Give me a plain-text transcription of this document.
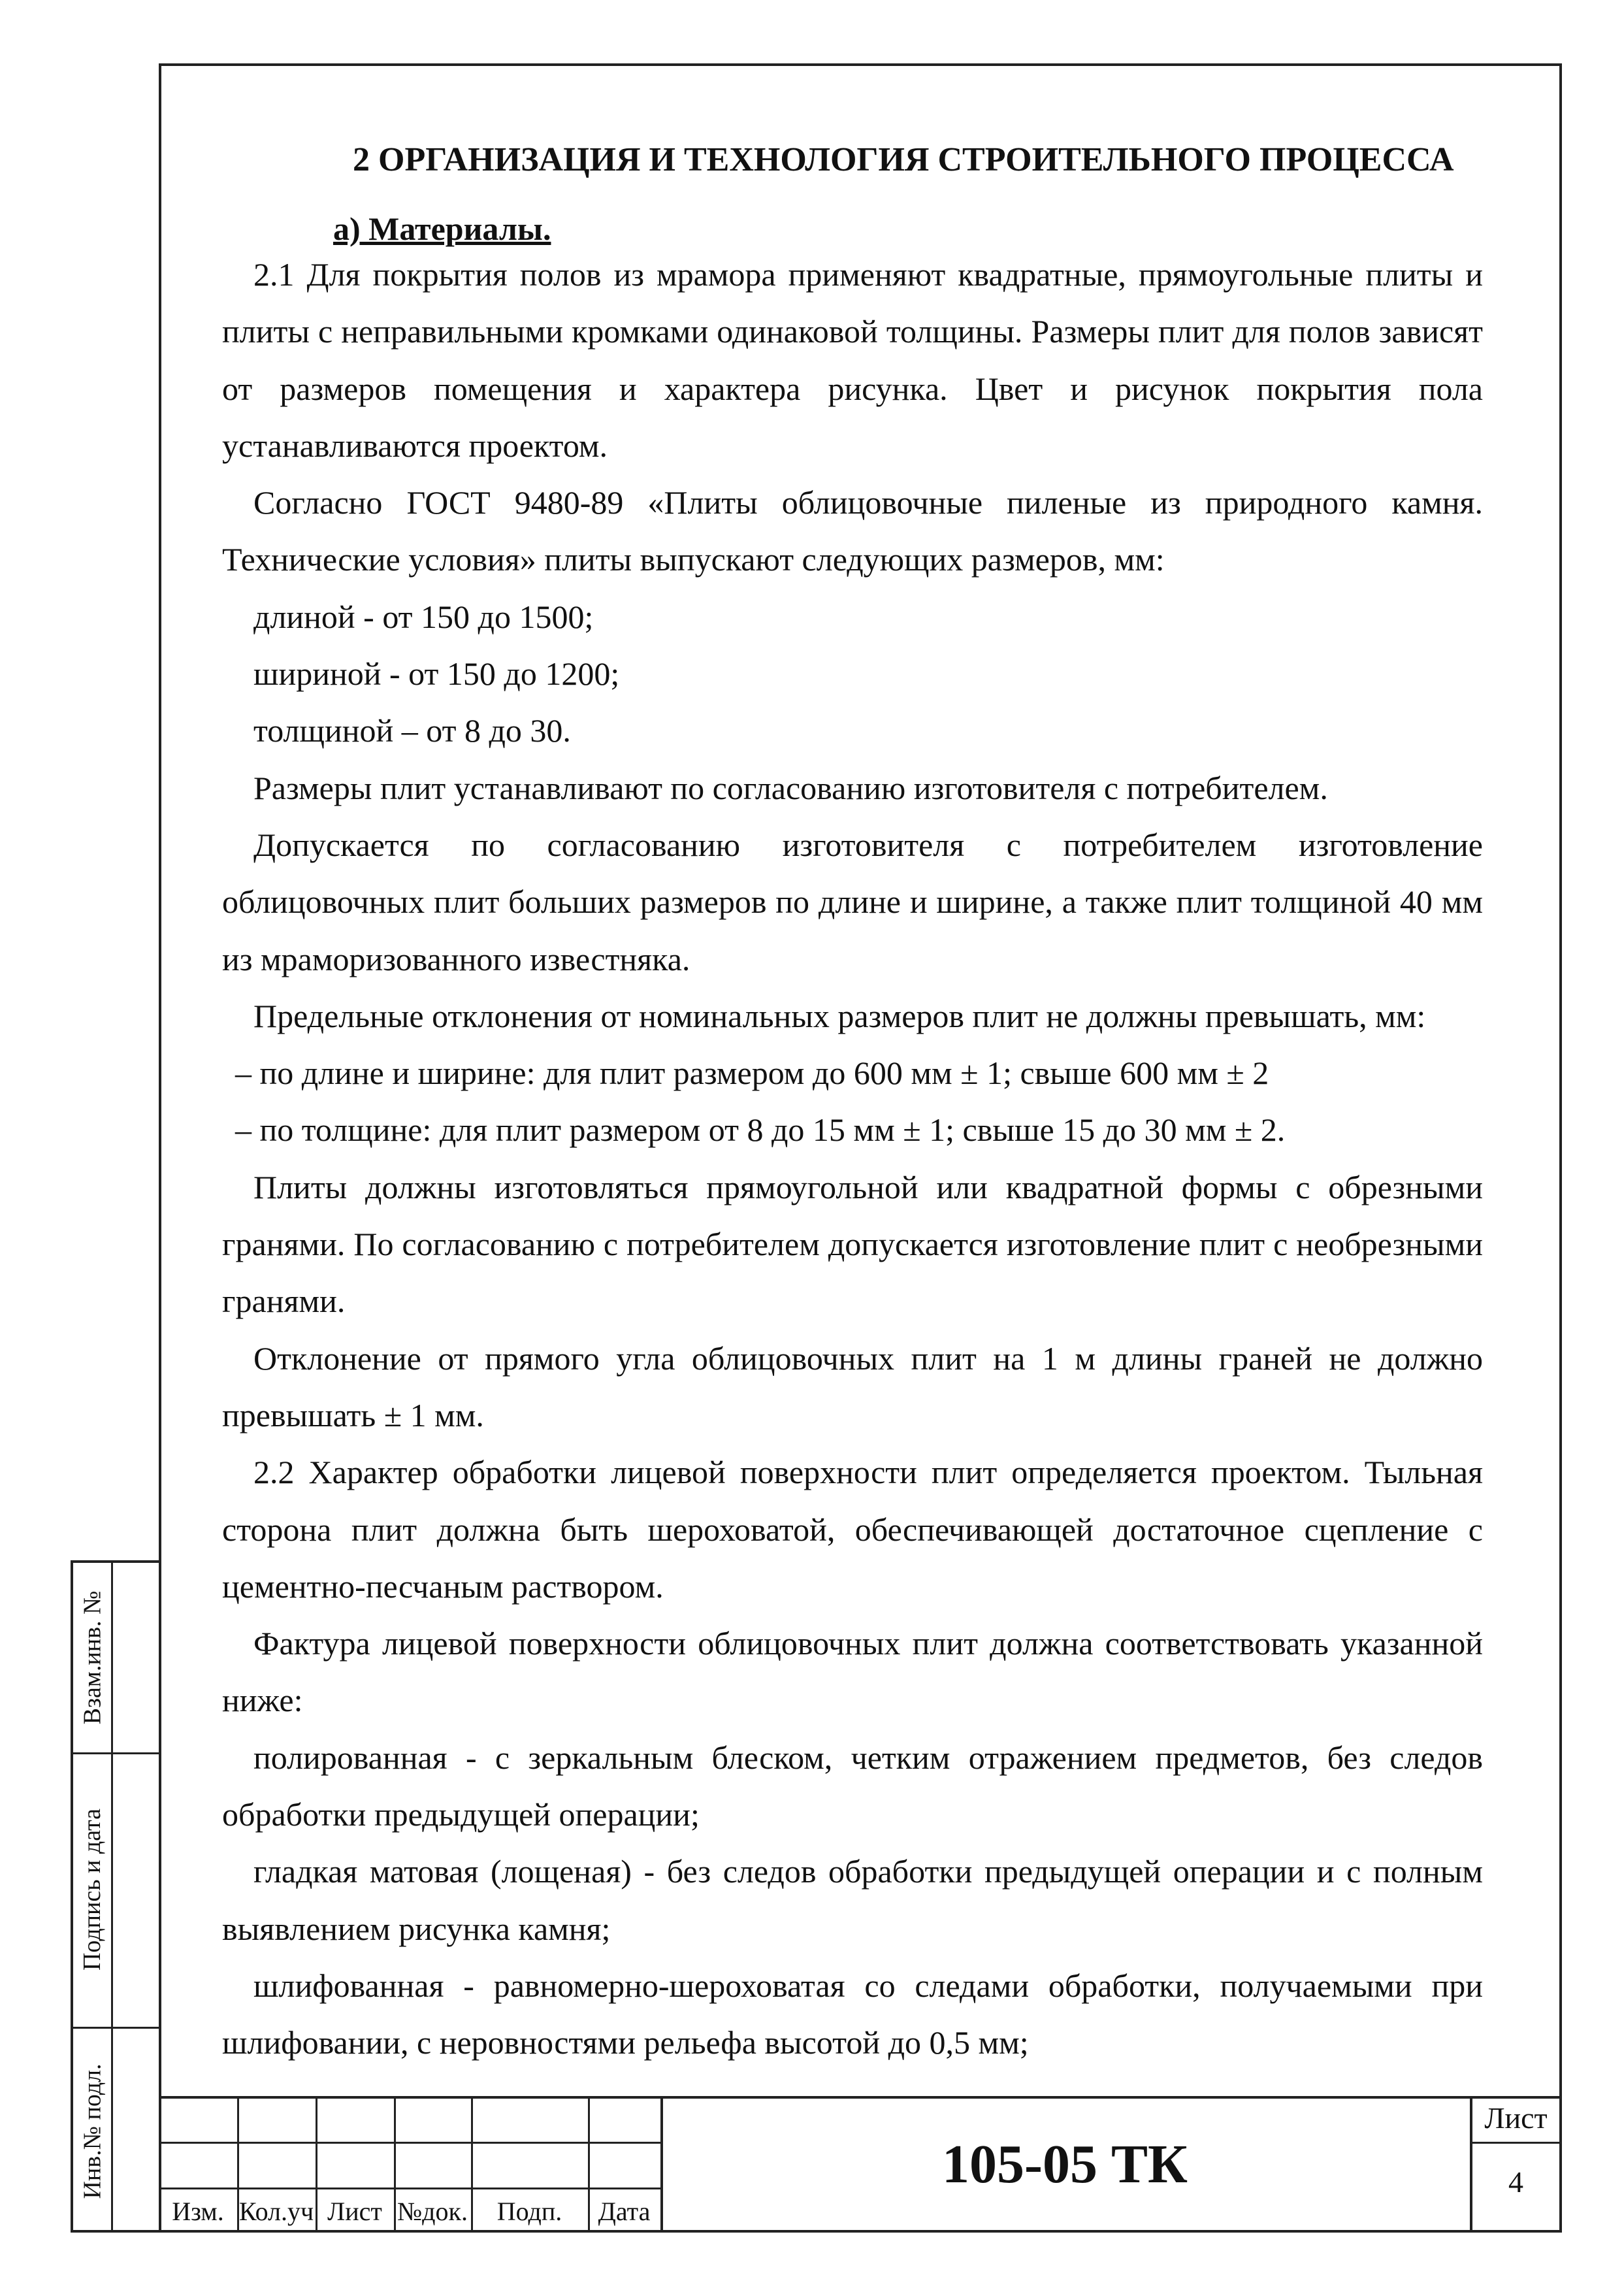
2 ОРГАНИЗАЦИЯ И ТЕХНОЛОГИЯ СТРОИТЕЛЬНОГО ПРОЦЕССА
а) Материалы.

2.1 Для покрытия полов из мрамора применяют квадратные, прямоугольные плиты и плиты с неправильными кромками одинаковой толщины. Размеры плит для полов зависят от размеров помещения и характера рисунка. Цвет и рисунок покрытия пола устанавливаются проектом.

Согласно ГОСТ 9480-89 «Плиты облицовочные пиленые из природного камня. Технические условия» плиты выпускают следующих размеров, мм:

длиной - от 150 до 1500;

шириной - от 150 до 1200;

толщиной – от 8 до 30.

Размеры плит устанавливают по согласованию изготовителя с потребителем.

Допускается по согласованию изготовителя с потребителем изготовление облицовочных плит больших размеров по длине и ширине, а также плит толщиной 40 мм из мраморизованного известняка.

Предельные отклонения от номинальных размеров плит не должны превышать, мм:

– по длине и ширине: для плит размером до 600 мм ± 1; свыше 600 мм ± 2

– по толщине: для плит размером от 8 до 15 мм ± 1; свыше 15 до 30 мм ± 2.

Плиты должны изготовляться прямоугольной или квадратной формы с обрезными гранями. По согласованию с потребителем допускается изготовление плит с необрезными гранями.

Отклонение от прямого угла облицовочных плит на 1 м длины граней не должно превышать ± 1 мм.

2.2 Характер обработки лицевой поверхности плит определяется проектом. Тыльная сторона плит должна быть шероховатой, обеспечивающей достаточное сцепление с цементно-песчаным раствором.

Фактура лицевой поверхности облицовочных плит должна соответствовать указанной ниже:

полированная - с зеркальным блеском, четким отражением предметов, без следов обработки предыдущей операции;

гладкая матовая (лощеная) - без следов обработки предыдущей операции и с полным выявлением рисунка камня;

шлифованная - равномерно-шероховатая со следами обработки, получаемыми при шлифовании, с неровностями рельефа высотой до 0,5 мм;

Взам.инв. №
Подпись и дата
Инв.№ подл.
Изм. Кол.уч Лист №док.	Подп.	Дата
105-05 ТК
Лист
4
